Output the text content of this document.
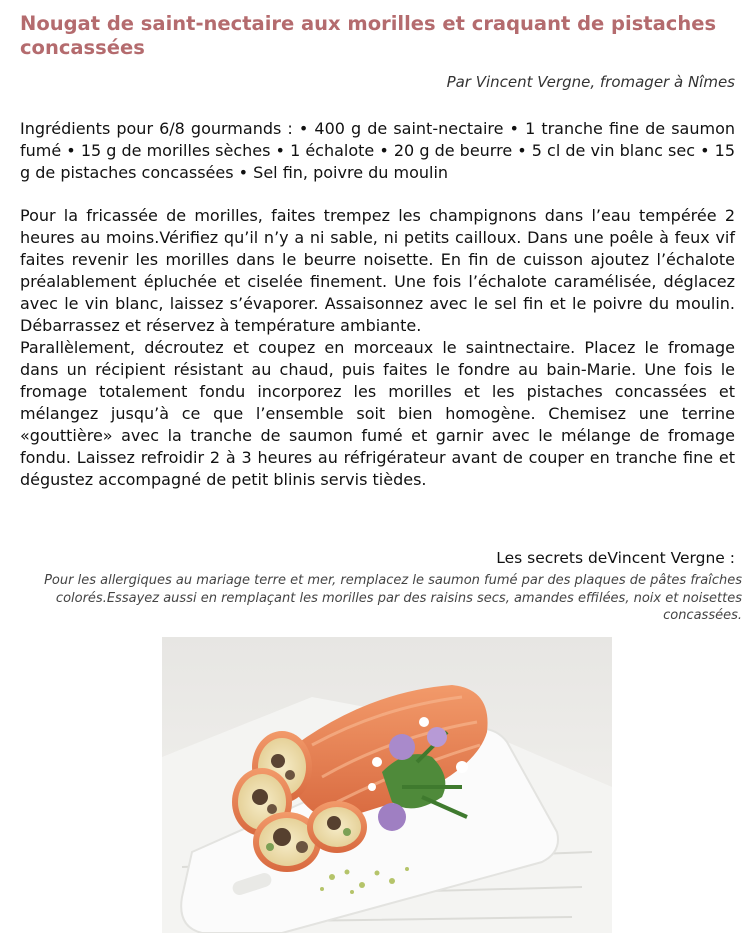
Nougat de saint-nectaire aux morilles et craquant de pistaches concassées
Par Vincent Vergne, fromager à Nîmes
Ingrédients pour 6/8 gourmands : • 400 g de saint-nectaire • 1 tranche fine de saumon fumé • 15 g de morilles sèches • 1 échalote • 20 g de beurre • 5 cl de vin blanc sec • 15 g de pistaches concassées • Sel fin, poivre du moulin

Pour la fricassée de morilles, faites trempez les champignons dans l’eau tempérée 2 heures au moins.Vérifiez qu’il n’y a ni sable, ni petits cailloux. Dans une poêle à feux vif faites revenir les morilles dans le beurre noisette. En fin de cuisson ajoutez l’échalote préalablement épluchée et ciselée finement. Une fois l’échalote caramélisée, déglacez avec le vin blanc, laissez s’évaporer. Assaisonnez avec le sel fin et le poivre du moulin. Débarrassez et réservez à température ambiante.

Parallèlement, décroutez et coupez en morceaux le saintnectaire. Placez le fromage dans un récipient résistant au chaud, puis faites le fondre au bain-Marie. Une fois le fromage totalement fondu incorporez les morilles et les pistaches concassées et mélangez jusqu’à ce que l’ensemble soit bien homogène. Chemisez une terrine «gouttière» avec la tranche de saumon fumé et garnir avec le mélange de fromage fondu. Laissez refroidir 2 à 3 heures au réfrigérateur avant de couper en tranche fine et dégustez accompagné de petit blinis servis tièdes.

Les secrets deVincent Vergne :
Pour les allergiques au mariage terre et mer, remplacez le saumon fumé par des plaques de pâtes fraîches colorés.Essayez aussi en remplaçant les morilles par des raisins secs, amandes effilées, noix et noisettes concassées.
